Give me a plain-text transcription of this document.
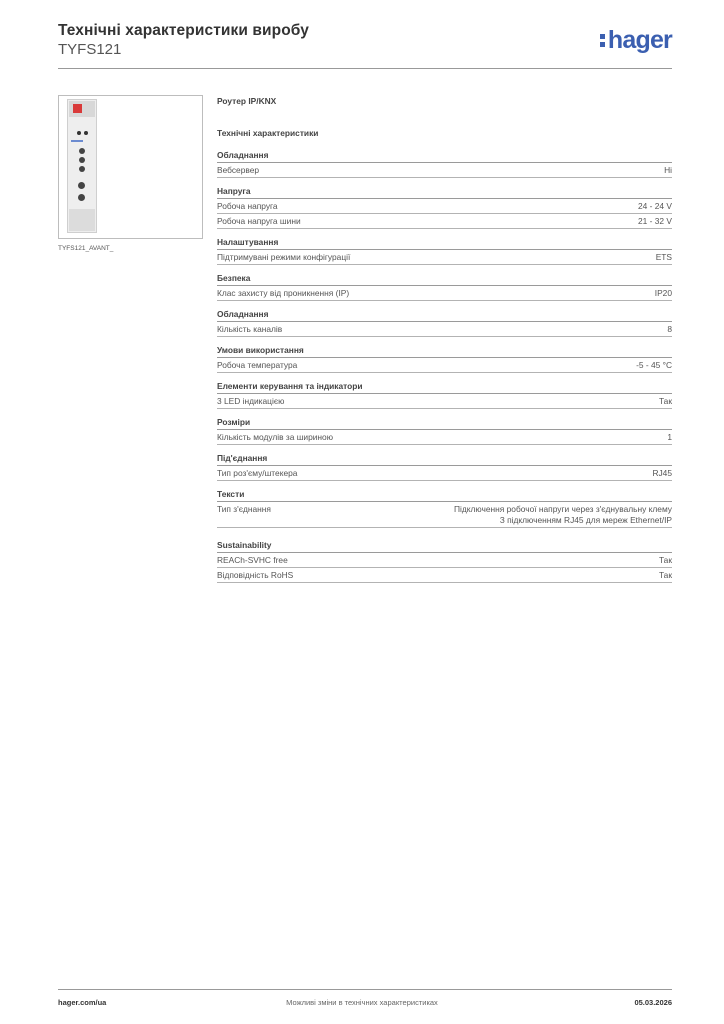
Технічні характеристики виробу
TYFS121	hager
TYFS121_AVANT_
Роутер IP/KNX
Технічні характеристики
Обладнання
Вебсервер	Ні
Напруга
Робоча напруга	24 - 24 V
Робоча напруга шини	21 - 32 V
Налаштування
Підтримувані режими конфігурації	ETS
Безпека
Клас захисту від проникнення (IP)	IP20
Обладнання
Кількість каналів	8
Умови використання
Робоча температура	-5 - 45 °C
Елементи керування та індикатори
3 LED індикацією	Так
Розміри
Кількість модулів за шириною	1
Під'єднання
Тип роз'єму/штекера	RJ45
Тексти
Тип з'єднання	Підключення робочої напруги через з'єднувальну клему
З підключенням RJ45 для мереж Ethernet/IP
Sustainability
REACh-SVHC free	Так
Відповідність RoHS	Так
hager.com/ua	Можливі зміни в технічних характеристиках	05.03.2026
